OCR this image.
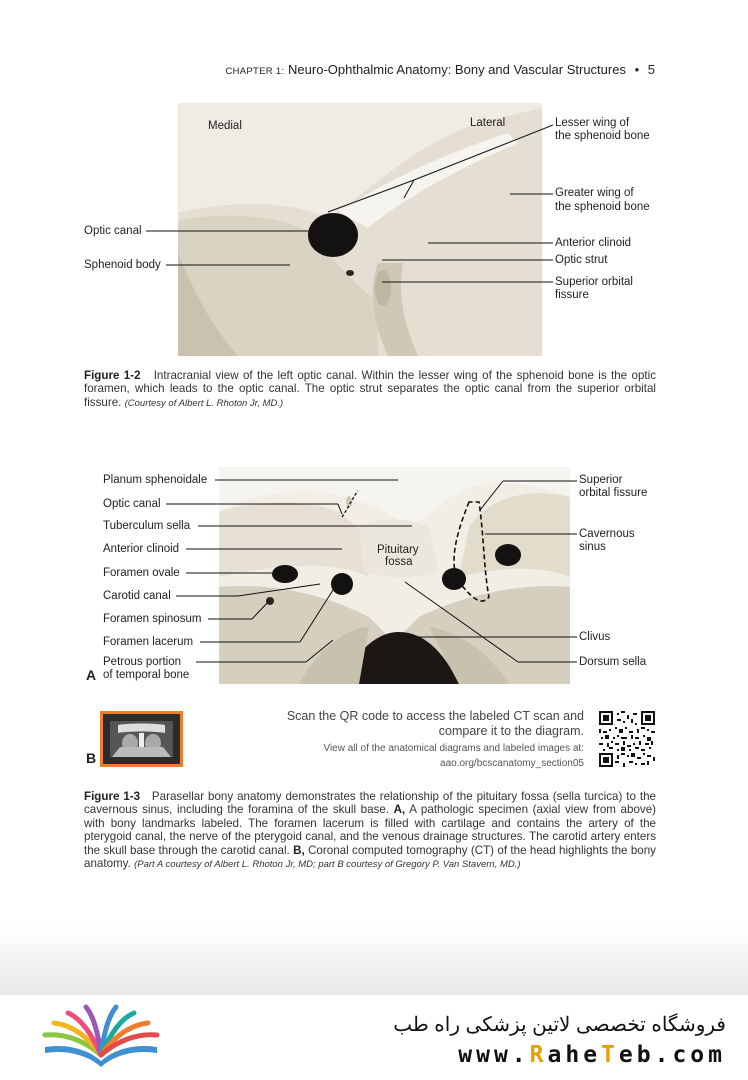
CHAPTER 1: Neuro-Ophthalmic Anatomy: Bony and Vascular Structures • 5
Medial	Lateral	Lesser wing of
the sphenoid bone
Greater wing of
the sphenoid bone
Anterior clinoid
Optic strut
Superior orbital
fissure
Optic canal
Sphenoid body
Figure 1-2 Intracranial view of the left optic canal. Within the lesser wing of the sphenoid bone is the optic foramen, which leads to the optic canal. The optic strut separates the optic canal from the superior orbital fissure. (Courtesy of Albert L. Rhoton Jr, MD.)
Planum sphenoidale
Optic canal
Tuberculum sella
Anterior clinoid
Foramen ovale
Carotid canal
Foramen spinosum
Foramen lacerum
Petrous portion
of temporal bone
Superior
orbital fissure
Cavernous
sinus
Clivus
Dorsum sella
Pituitary
fossa
A
B
Scan the QR code to access the labeled CT scan and
compare it to the diagram.
View all of the anatomical diagrams and labeled images at:
aao.org/bcscanatomy_section05
Figure 1-3 Parasellar bony anatomy demonstrates the relationship of the pituitary fossa (sella turcica) to the cavernous sinus, including the foramina of the skull base. A, A pathologic specimen (axial view from above) with bony landmarks labeled. The foramen lacerum is filled with cartilage and contains the artery of the pterygoid canal, the nerve of the pterygoid canal, and the venous drainage structures. The carotid artery enters the skull base through the carotid canal. B, Coronal computed tomography (CT) of the head highlights the bony anatomy. (Part A courtesy of Albert L. Rhoton Jr, MD; part B courtesy of Gregory P. Van Stavern, MD.)
فروشگاه تخصصی لاتین پزشکی راه طب
www.RaheTeb.com
